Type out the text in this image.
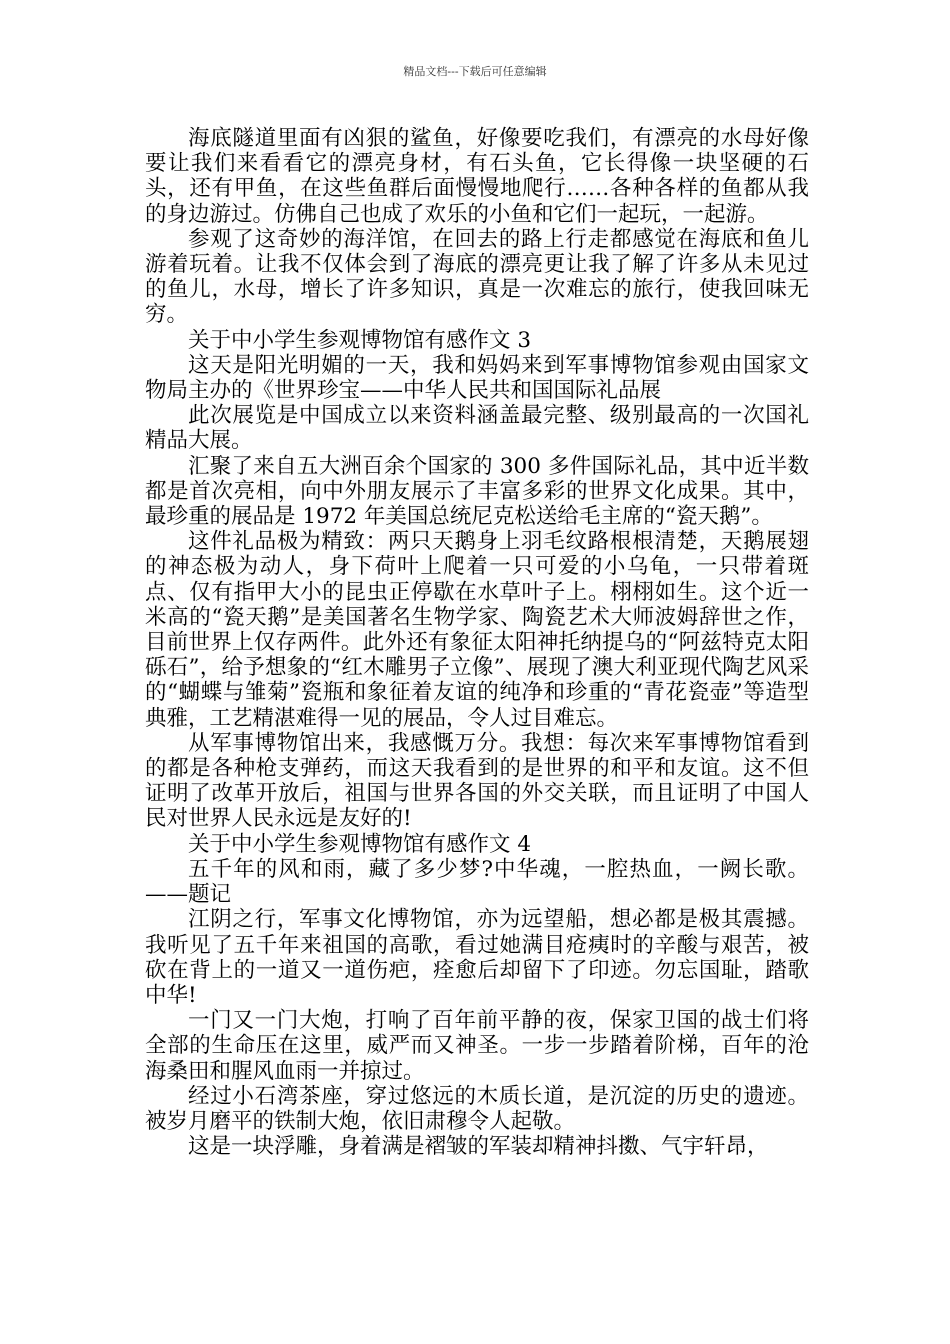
精品文档---下载后可任意编辑

海底隧道里面有凶狠的鲨鱼，好像要吃我们，有漂亮的水母好像要让我们来看看它的漂亮身材，有石头鱼，它长得像一块坚硬的石头，还有甲鱼，在这些鱼群后面慢慢地爬行……各种各样的鱼都从我的身边游过。仿佛自己也成了欢乐的小鱼和它们一起玩，一起游。

参观了这奇妙的海洋馆，在回去的路上行走都感觉在海底和鱼儿游着玩着。让我不仅体会到了海底的漂亮更让我了解了许多从未见过的鱼儿，水母，增长了许多知识，真是一次难忘的旅行，使我回味无穷。

关于中小学生参观博物馆有感作文 3

这天是阳光明媚的一天，我和妈妈来到军事博物馆参观由国家文物局主办的《世界珍宝——中华人民共和国国际礼品展

此次展览是中国成立以来资料涵盖最完整、级别最高的一次国礼精品大展。

汇聚了来自五大洲百余个国家的 300 多件国际礼品，其中近半数都是首次亮相，向中外朋友展示了丰富多彩的世界文化成果。其中，最珍重的展品是 1972 年美国总统尼克松送给毛主席的“瓷天鹅”。

这件礼品极为精致：两只天鹅身上羽毛纹路根根清楚，天鹅展翅的神态极为动人，身下荷叶上爬着一只可爱的小乌龟，一只带着斑点、仅有指甲大小的昆虫正停歇在水草叶子上。栩栩如生。这个近一米高的“瓷天鹅”是美国著名生物学家、陶瓷艺术大师波姆辞世之作，目前世界上仅存两件。此外还有象征太阳神托纳提乌的“阿兹特克太阳砾石”，给予想象的“红木雕男子立像”、展现了澳大利亚现代陶艺风采的“蝴蝶与雏菊”瓷瓶和象征着友谊的纯净和珍重的“青花瓷壶”等造型典雅，工艺精湛难得一见的展品，令人过目难忘。

从军事博物馆出来，我感慨万分。我想：每次来军事博物馆看到的都是各种枪支弹药，而这天我看到的是世界的和平和友谊。这不但证明了改革开放后，祖国与世界各国的外交关联，而且证明了中国人民对世界人民永远是友好的!

关于中小学生参观博物馆有感作文 4

五千年的风和雨，藏了多少梦?中华魂，一腔热血，一阙长歌。——题记

江阴之行，军事文化博物馆，亦为远望船，想必都是极其震撼。我听见了五千年来祖国的高歌，看过她满目疮痍时的辛酸与艰苦，被砍在背上的一道又一道伤疤，痊愈后却留下了印迹。勿忘国耻，踏歌中华!

一门又一门大炮，打响了百年前平静的夜，保家卫国的战士们将全部的生命压在这里，威严而又神圣。一步一步踏着阶梯，百年的沧海桑田和腥风血雨一并掠过。

经过小石湾茶座，穿过悠远的木质长道，是沉淀的历史的遗迹。被岁月磨平的铁制大炮，依旧肃穆令人起敬。

这是一块浮雕，身着满是褶皱的军装却精神抖擞、气宇轩昂，
